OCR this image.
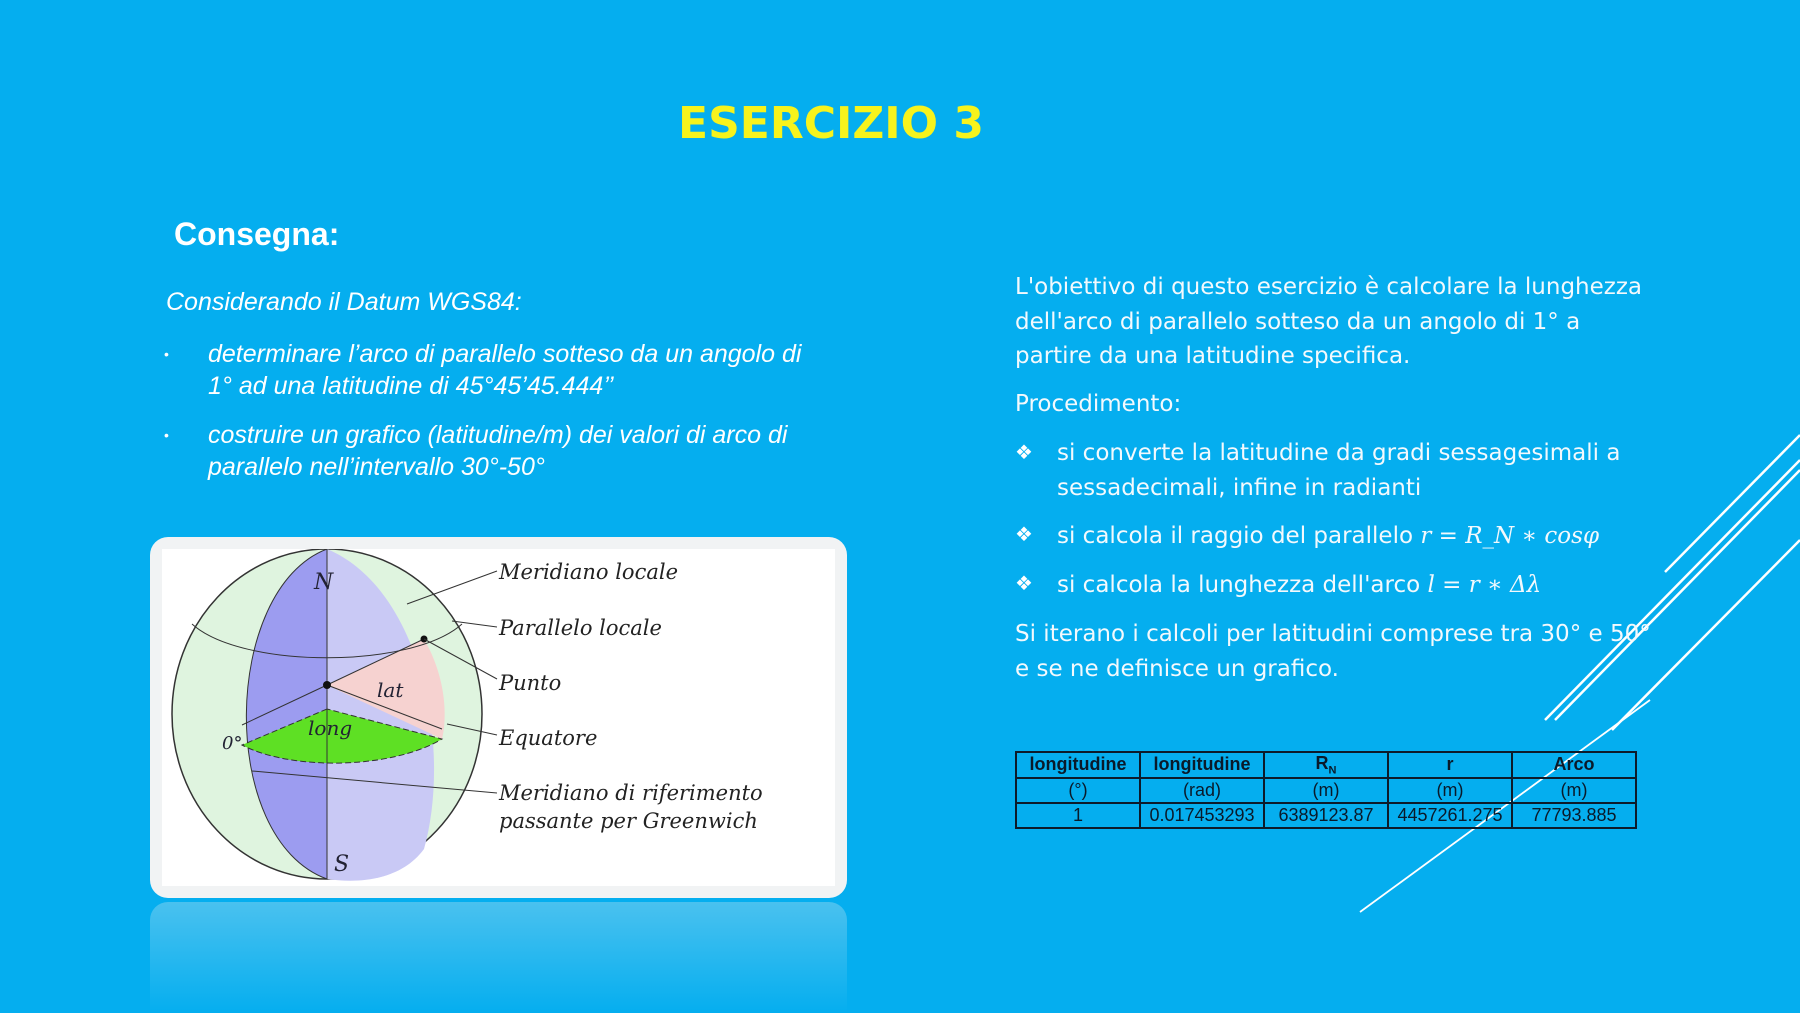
ESERCIZIO 3
Consegna:
Considerando il Datum WGS84:
• determinare l’arco di parallelo sotteso da un angolo di 1° ad una latitudine di 45°45’45.444’’
• costruire un grafico (latitudine/m) dei valori di arco di parallelo nell’intervallo 30°-50°
N
S
0°
lat
long
Meridiano locale
Parallelo locale
Punto
Equatore
Meridiano di riferimento
passante per Greenwich
L'obiettivo di questo esercizio è calcolare la lunghezza dell'arco di parallelo sotteso da un angolo di 1° a partire da una latitudine specifica.
Procedimento:
❖ si converte la latitudine da gradi sessagesimali a sessadecimali, infine in radianti
❖ si calcola il raggio del parallelo r = R_N ∗ cosφ
❖ si calcola la lunghezza dell'arco l = r ∗ Δλ
Si iterano i calcoli per latitudini comprese tra 30° e 50° e se ne definisce un grafico.
longitudine	longitudine	$R_N$	r	Arco
(°)	(rad)	(m)	(m)	(m)
1	0.017453293	6389123.87	4457261.275	77793.885
